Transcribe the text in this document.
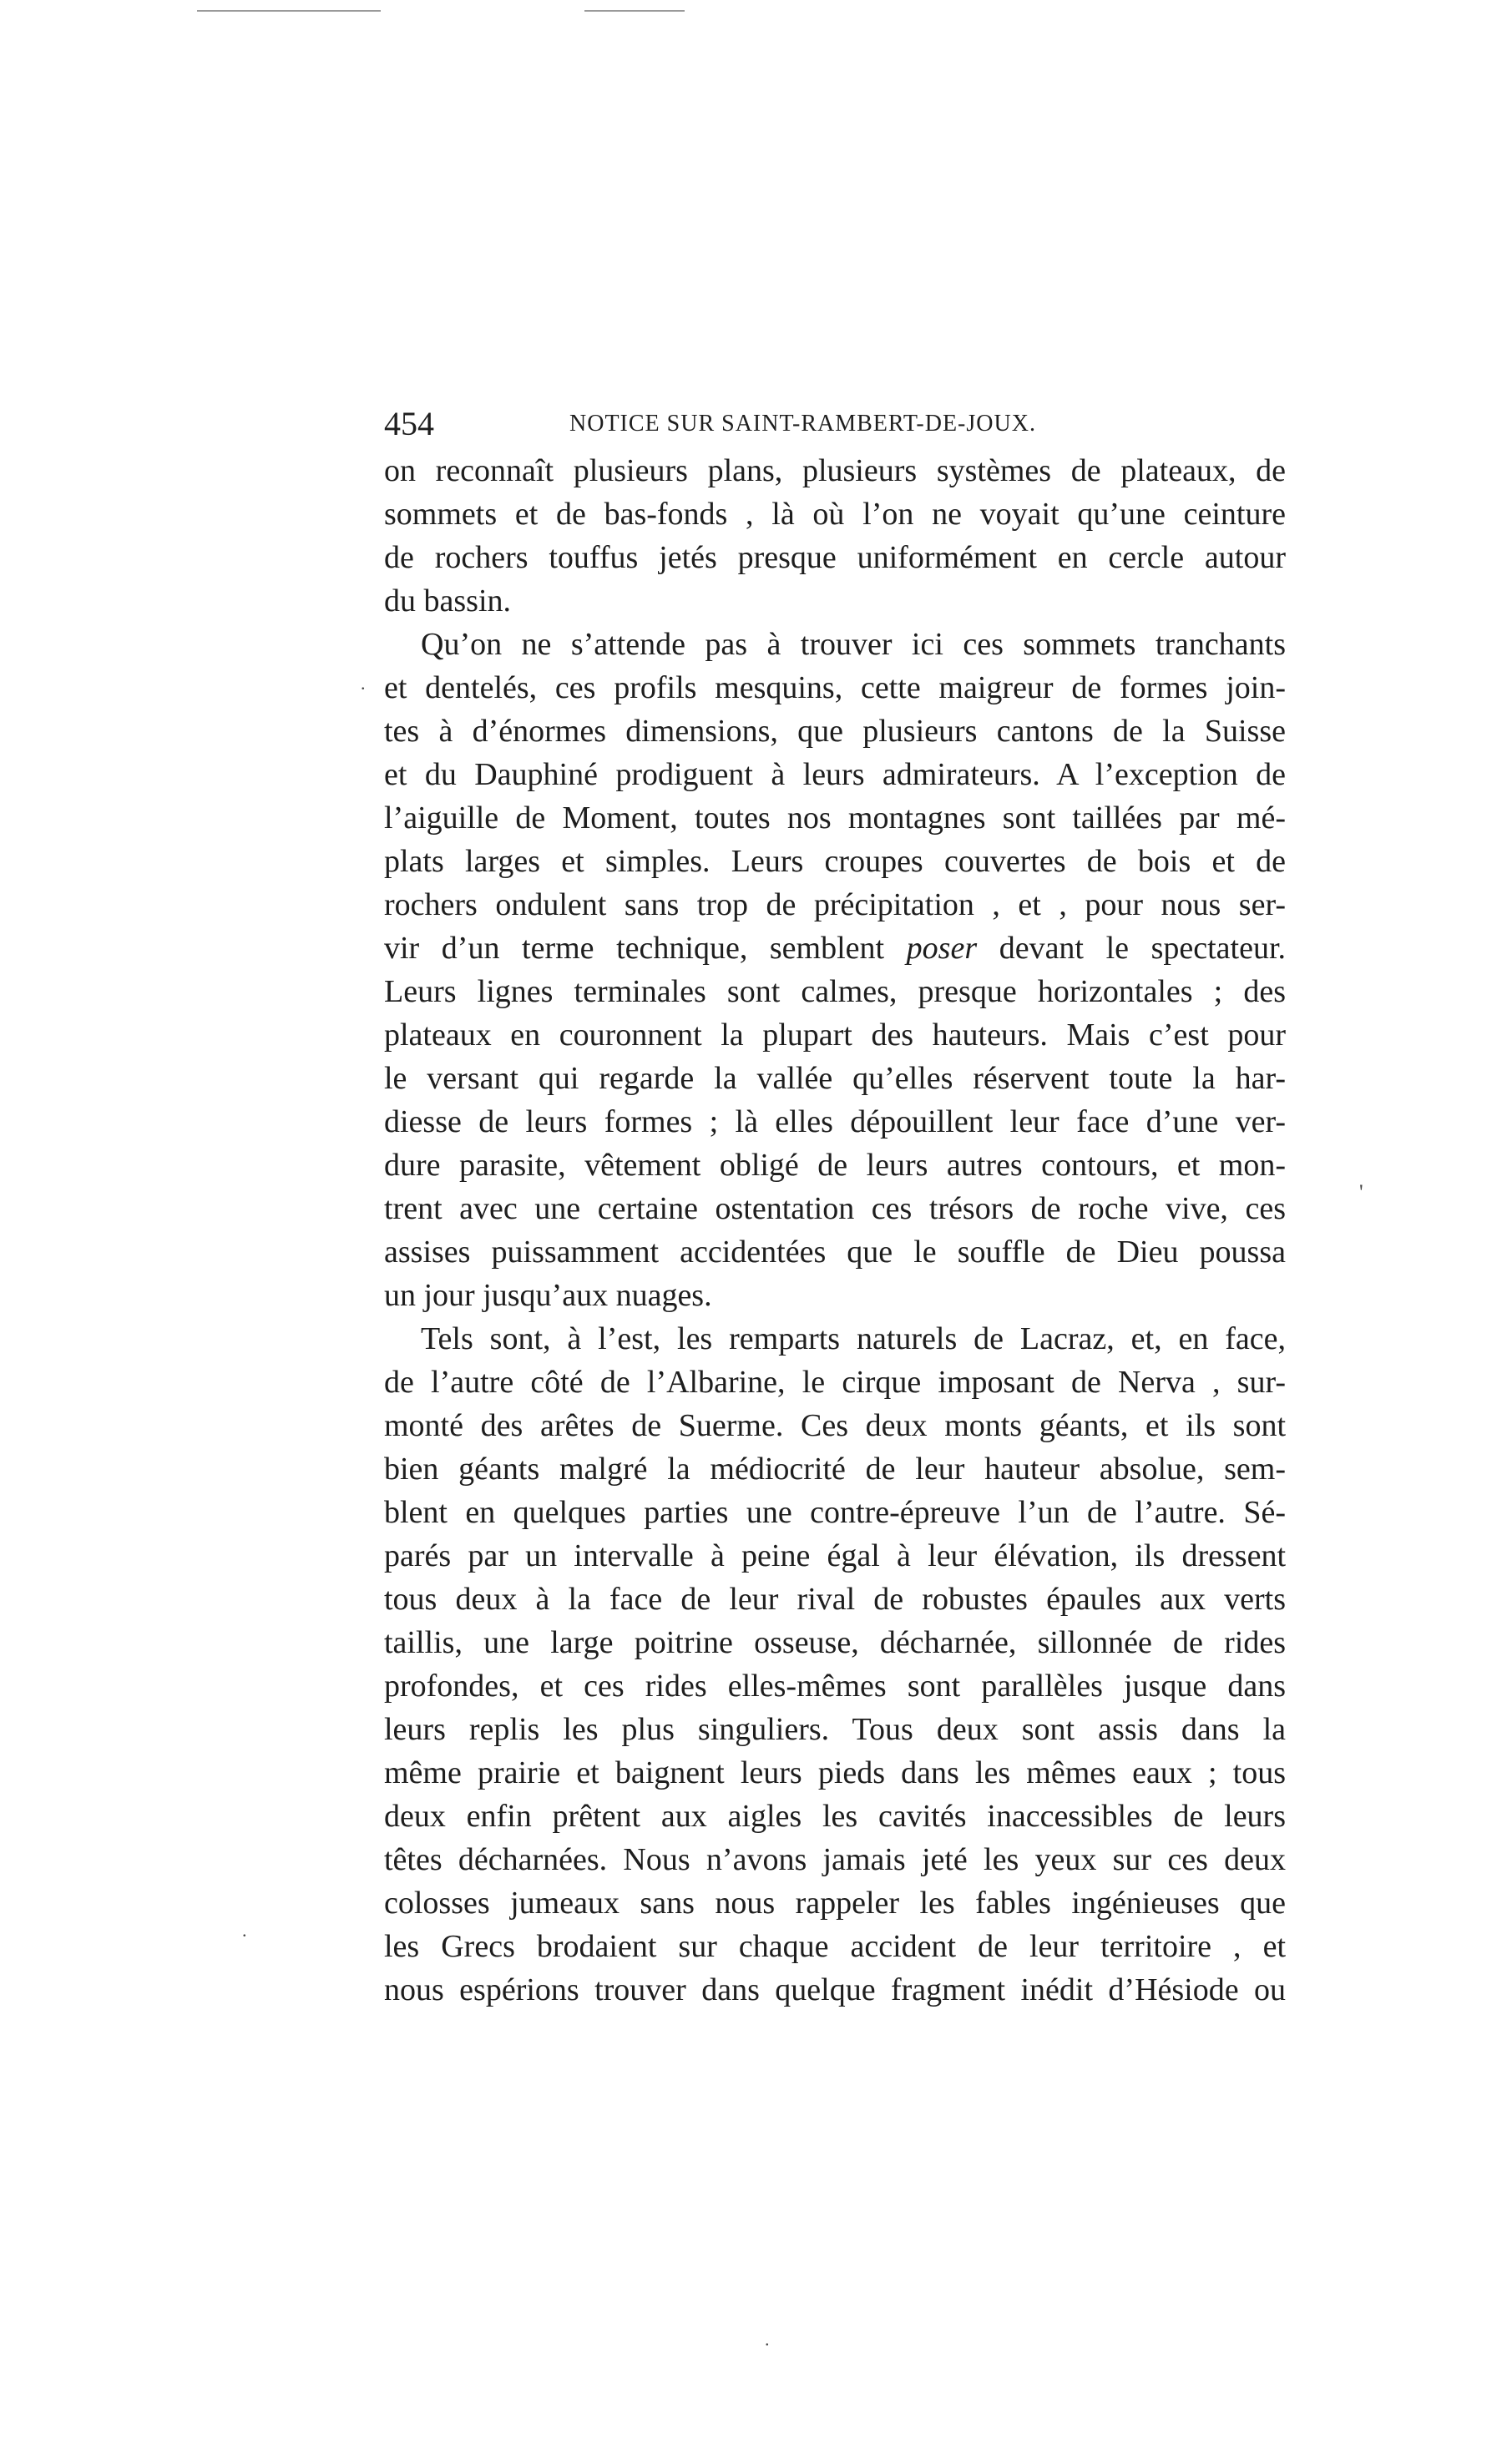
454	NOTICE SUR SAINT-RAMBERT-DE-JOUX.
on reconnaît plusieurs plans, plusieurs systèmes de plateaux, de
sommets et de bas-fonds , là où l’on ne voyait qu’une ceinture
de rochers touffus jetés presque uniformément en cercle autour
du bassin.
Qu’on ne s’attende pas à trouver ici ces sommets tranchants
et dentelés, ces profils mesquins, cette maigreur de formes join-
tes à d’énormes dimensions, que plusieurs cantons de la Suisse
et du Dauphiné prodiguent à leurs admirateurs. A l’exception de
l’aiguille de Moment, toutes nos montagnes sont taillées par mé-
plats larges et simples. Leurs croupes couvertes de bois et de
rochers ondulent sans trop de précipitation , et , pour nous ser-
vir d’un terme technique, semblent poser devant le spectateur.
Leurs lignes terminales sont calmes, presque horizontales ; des
plateaux en couronnent la plupart des hauteurs. Mais c’est pour
le versant qui regarde la vallée qu’elles réservent toute la har-
diesse de leurs formes ; là elles dépouillent leur face d’une ver-
dure parasite, vêtement obligé de leurs autres contours, et mon-
trent avec une certaine ostentation ces trésors de roche vive, ces
assises puissamment accidentées que le souffle de Dieu poussa
un jour jusqu’aux nuages.
Tels sont, à l’est, les remparts naturels de Lacraz, et, en face,
de l’autre côté de l’Albarine, le cirque imposant de Nerva , sur-
monté des arêtes de Suerme. Ces deux monts géants, et ils sont
bien géants malgré la médiocrité de leur hauteur absolue, sem-
blent en quelques parties une contre-épreuve l’un de l’autre. Sé-
parés par un intervalle à peine égal à leur élévation, ils dressent
tous deux à la face de leur rival de robustes épaules aux verts
taillis, une large poitrine osseuse, décharnée, sillonnée de rides
profondes, et ces rides elles-mêmes sont parallèles jusque dans
leurs replis les plus singuliers. Tous deux sont assis dans la
même prairie et baignent leurs pieds dans les mêmes eaux ; tous
deux enfin prêtent aux aigles les cavités inaccessibles de leurs
têtes décharnées. Nous n’avons jamais jeté les yeux sur ces deux
colosses jumeaux sans nous rappeler les fables ingénieuses que
les Grecs brodaient sur chaque accident de leur territoire , et
nous espérions trouver dans quelque fragment inédit d’Hésiode ou
.
'
.
.
